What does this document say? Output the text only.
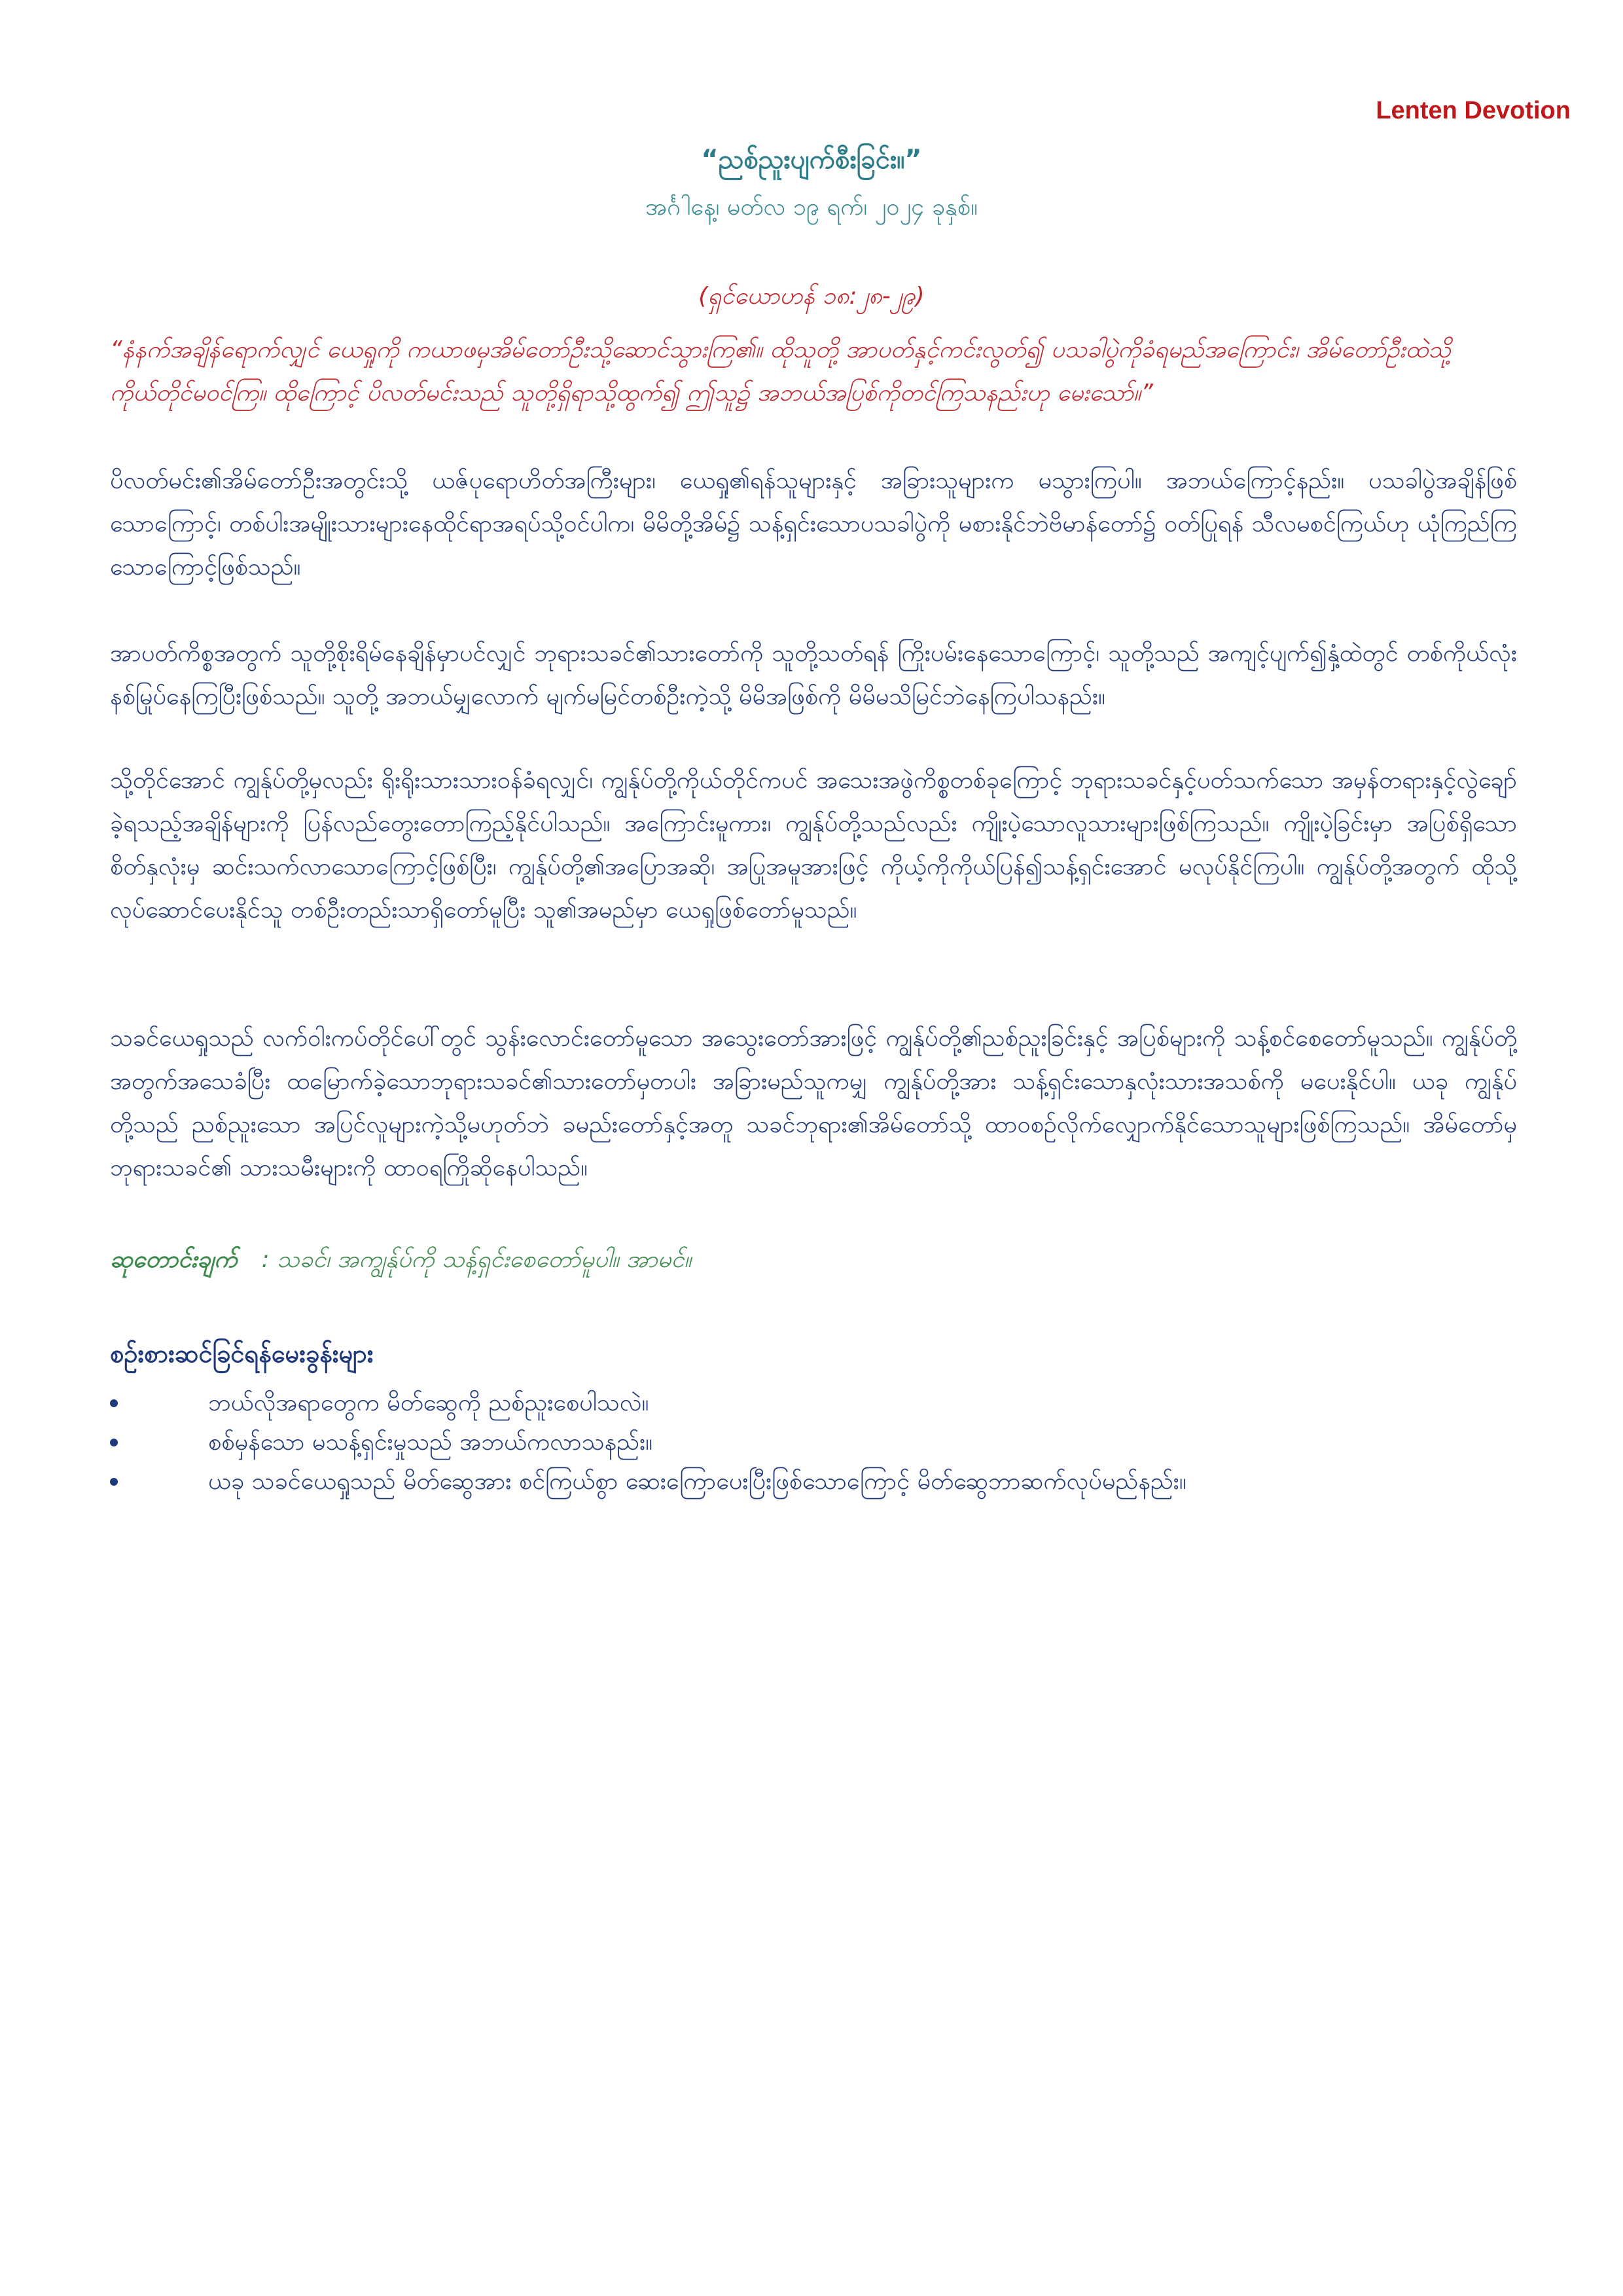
Lenten Devotion
“ညစ်ညူးပျက်စီးခြင်း။”
အင်္ဂါနေ့၊ မတ်လ ၁၉ ရက်၊ ၂၀၂၄ ခုနှစ်။
(ရှင်ယောဟန် ၁၈:၂၈-၂၉)
“နံနက်အချိန်ရောက်လျှင် ယေရှုကို ကယာဖမှအိမ်တော်ဦးသို့ဆောင်သွားကြ၏။ ထိုသူတို့ အာပတ်နှင့်ကင်းလွတ်၍ ပသခါပွဲကိုခံရမည်အကြောင်း၊ အိမ်တော်ဦးထဲသို့ ကိုယ်တိုင်မဝင်ကြ။ ထိုကြောင့် ပိလတ်မင်းသည် သူတို့ရှိရာသို့ထွက်၍ ဤသူ၌ အဘယ်အပြစ်ကိုတင်ကြသနည်းဟု မေးသော်။”
ပိလတ်မင်း၏အိမ်တော်ဦးအတွင်းသို့ ယဇ်ပုရောဟိတ်အကြီးများ၊ ယေရှု၏ရန်သူများနှင့် အခြားသူများက မသွားကြပါ။ အဘယ်ကြောင့်နည်း။ ပသခါပွဲအချိန်ဖြစ်သောကြောင့်၊ တစ်ပါးအမျိုးသားများနေထိုင်ရာအရပ်သို့ဝင်ပါက၊ မိမိတို့အိမ်၌ သန့်ရှင်းသောပသခါပွဲကို မစားနိုင်ဘဲဗိမာန်တော်၌ ဝတ်ပြုရန် သီလမစင်ကြယ်ဟု ယုံကြည်ကြသောကြောင့်ဖြစ်သည်။
အာပတ်ကိစ္စအတွက် သူတို့စိုးရိမ်နေချိန်မှာပင်လျှင် ဘုရားသခင်၏သားတော်ကို သူတို့သတ်ရန် ကြိုးပမ်းနေသောကြောင့်၊ သူတို့သည် အကျင့်ပျက်၍နှံ့ထဲတွင် တစ်ကိုယ်လုံးနစ်မြုပ်နေကြပြီးဖြစ်သည်။ သူတို့ အဘယ်မျှလောက် မျက်မမြင်တစ်ဦးကဲ့သို့ မိမိအဖြစ်ကို မိမိမသိမြင်ဘဲနေကြပါသနည်း။
သို့တိုင်အောင် ကျွန်ုပ်တို့မှလည်း ရိုးရိုးသားသားဝန်ခံရလျှင်၊ ကျွန်ုပ်တို့ကိုယ်တိုင်ကပင် အသေးအဖွဲကိစ္စတစ်ခုကြောင့် ဘုရားသခင်နှင့်ပတ်သက်သော အမှန်တရားနှင့်လွဲချော်ခဲ့ရသည့်အချိန်များကို ပြန်လည်တွေးတောကြည့်နိုင်ပါသည်။ အကြောင်းမူကား၊ ကျွန်ုပ်တို့သည်လည်း ကျိုးပဲ့သောလူသားများဖြစ်ကြသည်။ ကျိုးပဲ့ခြင်းမှာ အပြစ်ရှိသောစိတ်နှလုံးမှ ဆင်းသက်လာသောကြောင့်ဖြစ်ပြီး၊ ကျွန်ုပ်တို့၏အပြောအဆို၊ အပြုအမူအားဖြင့် ကိုယ့်ကိုကိုယ်ပြန်၍သန့်ရှင်းအောင် မလုပ်နိုင်ကြပါ။ ကျွန်ုပ်တို့အတွက် ထိုသို့လုပ်ဆောင်ပေးနိုင်သူ တစ်ဦးတည်းသာရှိတော်မူပြီး သူ၏အမည်မှာ ယေရှုဖြစ်တော်မူသည်။
သခင်ယေရှုသည် လက်ဝါးကပ်တိုင်ပေါ်တွင် သွန်းလောင်းတော်မူသော အသွေးတော်အားဖြင့် ကျွန်ုပ်တို့၏ညစ်ညူးခြင်းနှင့် အပြစ်များကို သန့်စင်စေတော်မူသည်။ ကျွန်ုပ်တို့အတွက်အသေခံပြီး ထမြောက်ခဲ့သောဘုရားသခင်၏သားတော်မှတပါး အခြားမည်သူကမျှ ကျွန်ုပ်တို့အား သန့်ရှင်းသောနှလုံးသားအသစ်ကို မပေးနိုင်ပါ။ ယခု ကျွန်ုပ်တို့သည် ညစ်ညူးသော အပြင်လူများကဲ့သို့မဟုတ်ဘဲ ခမည်းတော်နှင့်အတူ သခင်ဘုရား၏အိမ်တော်သို့ ထာဝစဉ်လိုက်လျှောက်နိုင်သောသူများဖြစ်ကြသည်။ အိမ်တော်မှ ဘုရားသခင်၏ သားသမီးများကို ထာဝရကြိုဆိုနေပါသည်။
ဆုတောင်းချက် : သခင်၊ အကျွန်ုပ်ကို သန့်ရှင်းစေတော်မူပါ။ အာမင်။
စဉ်းစားဆင်ခြင်ရန်မေးခွန်းများ
ဘယ်လိုအရာတွေက မိတ်ဆွေကို ညစ်ညူးစေပါသလဲ။
စစ်မှန်သော မသန့်ရှင်းမှုသည် အဘယ်ကလာသနည်း။
ယခု သခင်ယေရှုသည် မိတ်ဆွေအား စင်ကြယ်စွာ ဆေးကြောပေးပြီးဖြစ်သောကြောင့် မိတ်ဆွေဘာဆက်လုပ်မည်နည်း။
